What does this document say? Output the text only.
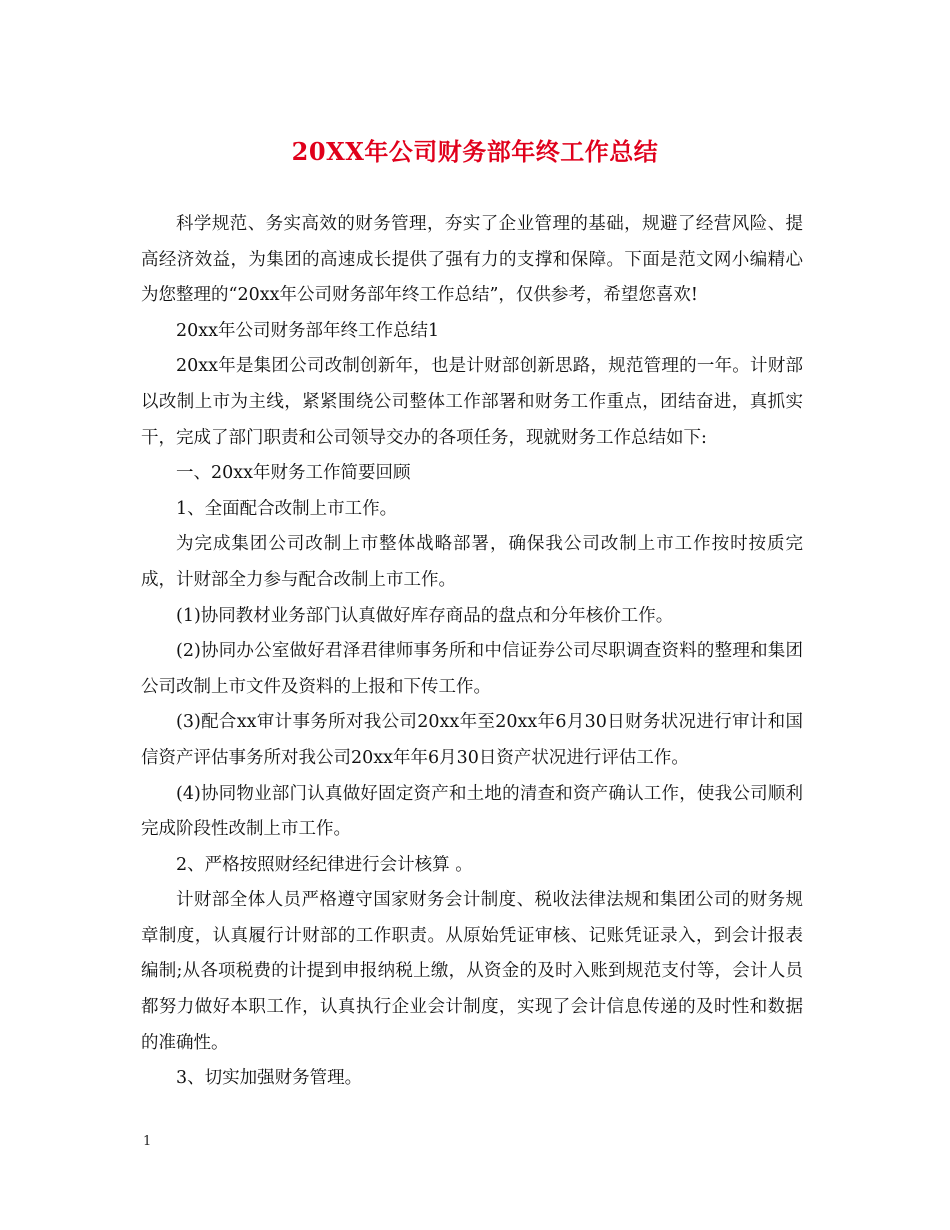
20XX年公司财务部年终工作总结

科学规范、务实高效的财务管理，夯实了企业管理的基础，规避了经营风险、提高经济效益，为集团的高速成长提供了强有力的支撑和保障。下面是范文网小编精心为您整理的“20xx年公司财务部年终工作总结”，仅供参考，希望您喜欢!

20xx年公司财务部年终工作总结1

20xx年是集团公司改制创新年，也是计财部创新思路，规范管理的一年。计财部以改制上市为主线，紧紧围绕公司整体工作部署和财务工作重点，团结奋进，真抓实干，完成了部门职责和公司领导交办的各项任务，现就财务工作总结如下:

一、20xx年财务工作简要回顾

1、全面配合改制上市工作。

为完成集团公司改制上市整体战略部署，确保我公司改制上市工作按时按质完成，计财部全力参与配合改制上市工作。

(1)协同教材业务部门认真做好库存商品的盘点和分年核价工作。

(2)协同办公室做好君泽君律师事务所和中信证券公司尽职调查资料的整理和集团公司改制上市文件及资料的上报和下传工作。

(3)配合xx审计事务所对我公司20xx年至20xx年6月30日财务状况进行审计和国信资产评估事务所对我公司20xx年年6月30日资产状况进行评估工作。

(4)协同物业部门认真做好固定资产和土地的清查和资产确认工作，使我公司顺利完成阶段性改制上市工作。

2、严格按照财经纪律进行会计核算 。

计财部全体人员严格遵守国家财务会计制度、税收法律法规和集团公司的财务规章制度，认真履行计财部的工作职责。从原始凭证审核、记账凭证录入，到会计报表编制;从各项税费的计提到申报纳税上缴，从资金的及时入账到规范支付等，会计人员都努力做好本职工作，认真执行企业会计制度，实现了会计信息传递的及时性和数据的准确性。

3、切实加强财务管理。

1
